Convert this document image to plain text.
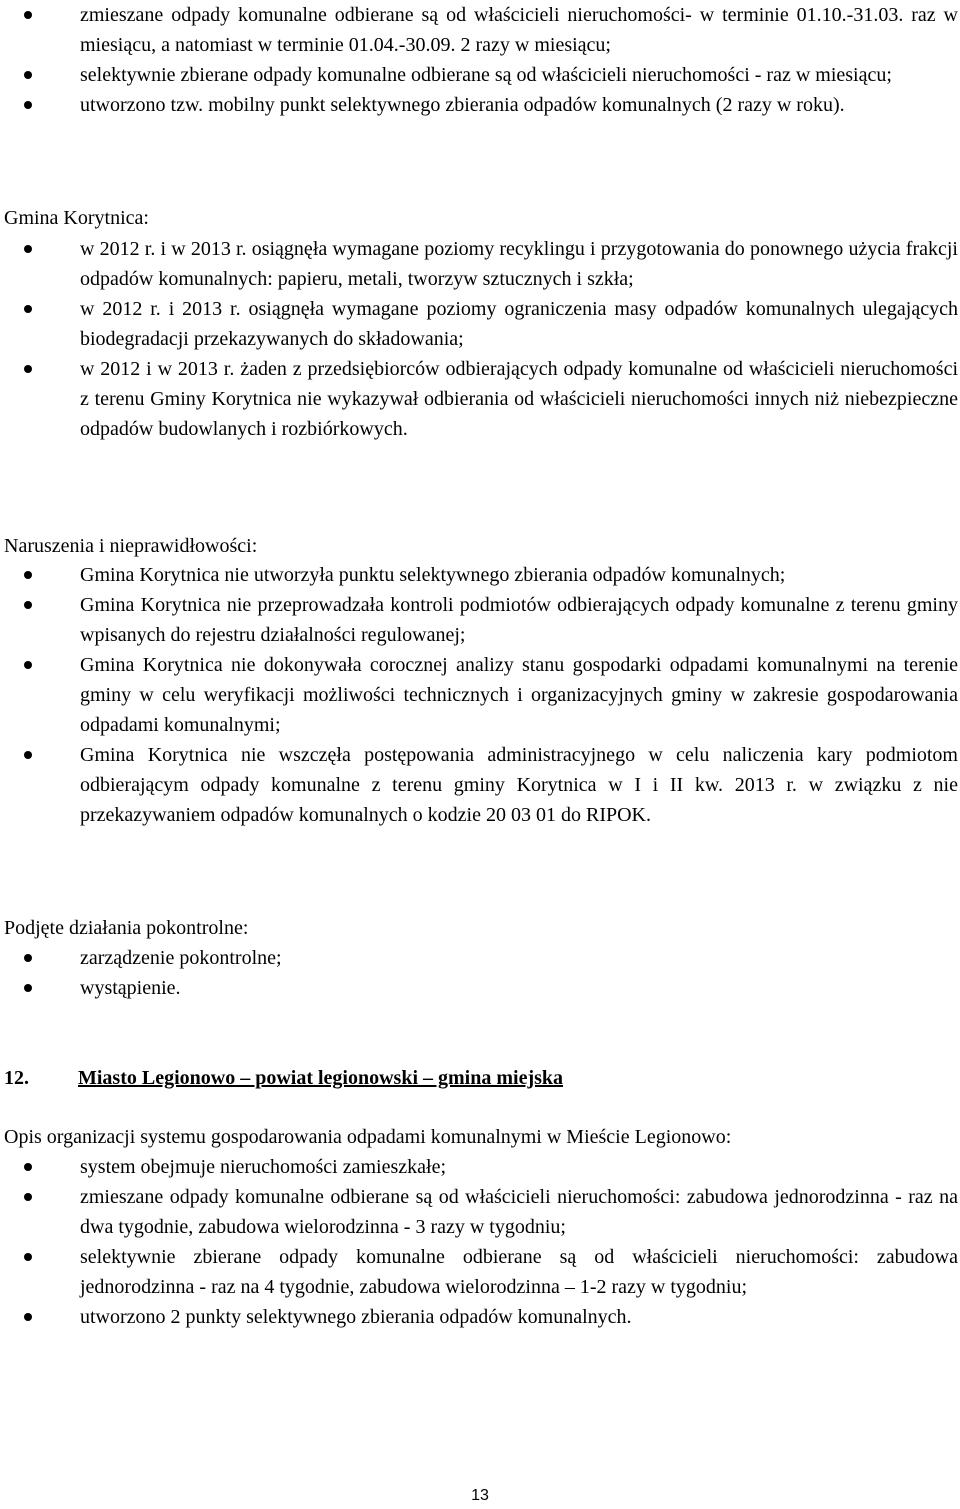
zmieszane odpady komunalne odbierane są od właścicieli nieruchomości- w terminie 01.10.-31.03. raz w miesiącu, a natomiast w terminie 01.04.-30.09. 2 razy w miesiącu;
selektywnie zbierane odpady komunalne odbierane są od właścicieli nieruchomości - raz w miesiącu;
utworzono tzw. mobilny punkt selektywnego zbierania odpadów komunalnych (2 razy w roku).

Gmina Korytnica:

w 2012 r. i w 2013 r. osiągnęła wymagane poziomy recyklingu i przygotowania do ponownego użycia frakcji odpadów komunalnych: papieru, metali, tworzyw sztucznych i szkła;
w 2012 r. i 2013 r. osiągnęła wymagane poziomy ograniczenia masy odpadów komunalnych ulegających biodegradacji przekazywanych do składowania;
w 2012 i w 2013 r. żaden z przedsiębiorców odbierających odpady komunalne od właścicieli nieruchomości z terenu Gminy Korytnica nie wykazywał odbierania od właścicieli nieruchomości innych niż niebezpieczne odpadów budowlanych i rozbiórkowych.

Naruszenia i nieprawidłowości:

Gmina Korytnica nie utworzyła punktu selektywnego zbierania odpadów komunalnych;
Gmina Korytnica nie przeprowadzała kontroli podmiotów odbierających odpady komunalne z terenu gminy wpisanych do rejestru działalności regulowanej;
Gmina Korytnica nie dokonywała corocznej analizy stanu gospodarki odpadami komunalnymi na terenie gminy w celu weryfikacji możliwości technicznych i organizacyjnych gminy w zakresie gospodarowania odpadami komunalnymi;
Gmina Korytnica nie wszczęła postępowania administracyjnego w celu naliczenia kary podmiotom odbierającym odpady komunalne z terenu gminy Korytnica w I i II kw. 2013 r. w związku z nie przekazywaniem odpadów komunalnych o kodzie 20 03 01 do RIPOK.

Podjęte działania pokontrolne:

zarządzenie pokontrolne;
wystąpienie.
12. Miasto Legionowo – powiat legionowski – gmina miejska

Opis organizacji systemu gospodarowania odpadami komunalnymi w Mieście Legionowo:

system obejmuje nieruchomości zamieszkałe;
zmieszane odpady komunalne odbierane są od właścicieli nieruchomości: zabudowa jednorodzinna - raz na dwa tygodnie, zabudowa wielorodzinna - 3 razy w tygodniu;
selektywnie zbierane odpady komunalne odbierane są od właścicieli nieruchomości: zabudowa jednorodzinna - raz na 4 tygodnie, zabudowa wielorodzinna – 1-2 razy w tygodniu;
utworzono 2 punkty selektywnego zbierania odpadów komunalnych.
13
